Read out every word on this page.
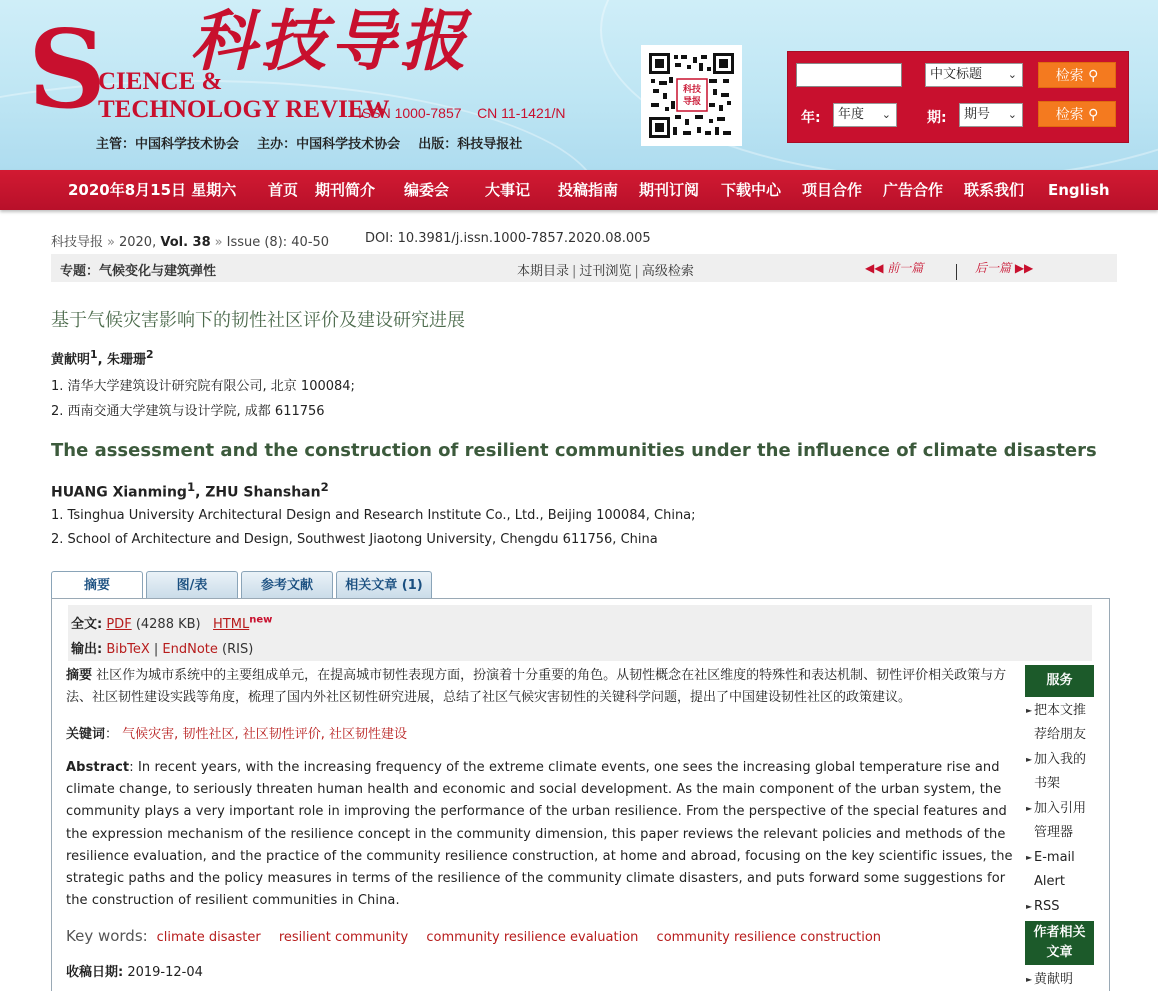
S 科技导报
CIENCE &
TECHNOLOGY REVIEW
ISSN 1000-7857    CN 11-1421/N
主管：中国科学技术协会    主办：中国科学技术协会    出版：科技导报社
科技
导报
中文标题 ⌄	检索 ⚲
年:	年度 ⌄	期:	期号 ⌄	检索 ⚲
2020年8月15日 星期六 首页 期刊简介 编委会 大事记 投稿指南 期刊订阅 下载中心 项目合作 广告合作 联系我们 English
科技导报 » 2020, Vol. 38 » Issue (8): 40-50	DOI: 10.3981/j.issn.1000-7857.2020.08.005
专题：气候变化与建筑弹性	本期目录 | 过刊浏览 | 高级检索	◀◀ 前一篇	后一篇 ▶▶
基于气候灾害影响下的韧性社区评价及建设研究进展
黄献明$^1$, 朱珊珊$^2$
1. 清华大学建筑设计研究院有限公司, 北京 100084;
2. 西南交通大学建筑与设计学院, 成都 611756
The assessment and the construction of resilient communities under the influence of climate disasters
HUANG Xianming$^1$, ZHU Shanshan$^2$
1. Tsinghua University Architectural Design and Research Institute Co., Ltd., Beijing 100084, China;
2. School of Architecture and Design, Southwest Jiaotong University, Chengdu 611756, China
摘要	图/表	参考文献	相关文章 (1)
全文: PDF (4288 KB) $HTML^{new}$
输出: BibTeX | EndNote (RIS)
摘要 社区作为城市系统中的主要组成单元，在提高城市韧性表现方面，扮演着十分重要的角色。从韧性概念在社区维度的特殊性和表达机制、韧性评价相关政策与方法、社区韧性建设实践等角度，梳理了国内外社区韧性研究进展，总结了社区气候灾害韧性的关键科学问题，提出了中国建设韧性社区的政策建议。
关键词： 气候灾害, 韧性社区, 社区韧性评价, 社区韧性建设
Abstract: In recent years, with the increasing frequency of the extreme climate events, one sees the increasing global temperature rise and climate change, to seriously threaten human health and economic and social development. As the main component of the urban system, the community plays a very important role in improving the performance of the urban resilience. From the perspective of the special features and the expression mechanism of the resilience concept in the community dimension, this paper reviews the relevant policies and methods of the resilience evaluation, and the practice of the community resilience construction, at home and abroad, focusing on the key scientific issues, the strategic paths and the policy measures in terms of the resilience of the community climate disasters, and puts forward some suggestions for the construction of resilient communities in China.
Key words:  climate disaster resilient community community resilience evaluation community resilience construction
收稿日期: 2019-12-04
服务
► 把本文推
荐给朋友
► 加入我的
书架
► 加入引用
管理器
► E-mail
Alert
► RSS
作者相关
文章
► 黄献明
